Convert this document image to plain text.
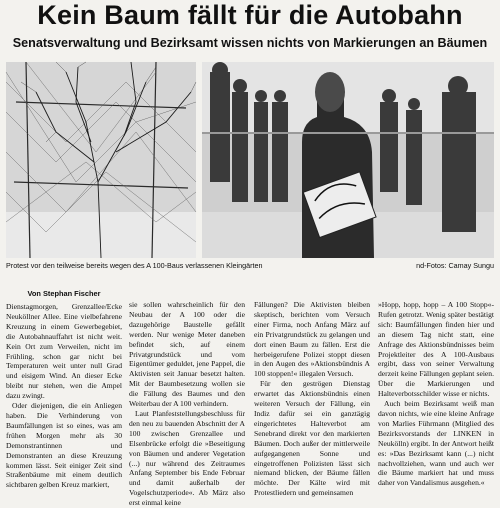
Kein Baum fällt für die Autobahn
Senatsverwaltung und Bezirksamt wissen nichts von Markierungen an Bäumen
Protest vor den teilweise bereits wegen des A 100-Baus verlassenen Kleingärten	nd-Fotos: Camay Sungu
Von Stephan Fischer

Dienstagmorgen, Grenzallee/Ecke Neuköllner Allee. Eine vielbefahrene Kreuzung in einem Gewerbegebiet, die Autobahnauffahrt ist nicht weit. Kein Ort zum Verweilen, nicht im Frühling, schon gar nicht bei Temperaturen weit unter null Grad und eisigem Wind. An dieser Ecke bleibt nur stehen, wen die Ampel dazu zwingt.

Oder diejenigen, die ein Anliegen haben. Die Verhinderung von Baumfällungen ist so eines, was am frühen Morgen mehr als 30 Demonstrantinnen und Demonstranten an diese Kreuzung kommen lässt. Seit einiger Zeit sind Straßenbäume mit einem deutlich sichtbaren gelben Kreuz markiert,

sie sollen wahrscheinlich für den Neubau der A 100 oder die dazugehörige Baustelle gefällt werden. Nur wenige Meter daneben befindet sich, auf einem Privatgrundstück und vom Eigentümer geduldet, jene Pappel, die Aktivisten seit Januar besetzt halten. Mit der Baumbesetzung wollen sie die Fällung des Baumes und den Weiterbau der A 100 verhindern.

Laut Planfeststellungsbeschluss für den neu zu bauenden Abschnitt der A 100 zwischen Grenzallee und Elsenbrücke erfolgt die »Beseitigung von Bäumen und anderer Vegetation (...) nur während des Zeitraumes Anfang September bis Ende Februar und damit außerhalb der Vogelschutzperiode«. Ab März also erst einmal keine

Fällungen? Die Aktivisten bleiben skeptisch, berichten vom Versuch einer Firma, noch Anfang März auf ein Privatgrundstück zu gelangen und dort einen Baum zu fällen. Erst die herbeigerufene Polizei stoppt diesen in den Augen des »Aktionsbündnis A 100 stoppen!« illegalen Versuch.

Für den geströgen Dienstag erwartet das Aktionsbündnis einen weiteren Versuch der Fällung, ein Indiz dafür sei ein ganztägig eingerichtetes Halteverbot am Senebrand direkt vor den markierten Bäumen. Doch außer der mittlerweile aufgegangenen Sonne und eingetroffenen Polizisten lässt sich niemand blicken, der Bäume fällen möchte. Der Kälte wird mit Protestliedern und gemeinsamen

»Hopp, hopp, hopp – A 100 Stopp«-Rufen getrotzt. Wenig später bestätigt sich: Baumfällungen finden hier und an diesem Tag nicht statt, eine Anfrage des Aktionsbündnisses beim Projektleiter des A 100-Ausbaus ergibt, dass von seiner Verwaltung derzeit keine Fällungen geplant seien. Über die Markierungen und Halteverbotsschilder wisse er nichts.

Auch beim Bezirksamt weiß man davon nichts, wie eine kleine Anfrage von Marlies Führmann (Mitglied des Bezirksvorstands der LINKEN in Neukölln) ergibt. In der Antwort heißt es: »Das Bezirksamt kann (...) nicht nachvollziehen, wann und auch wer die Bäume markiert hat und muss daher von Vandalismus ausgehen.«
